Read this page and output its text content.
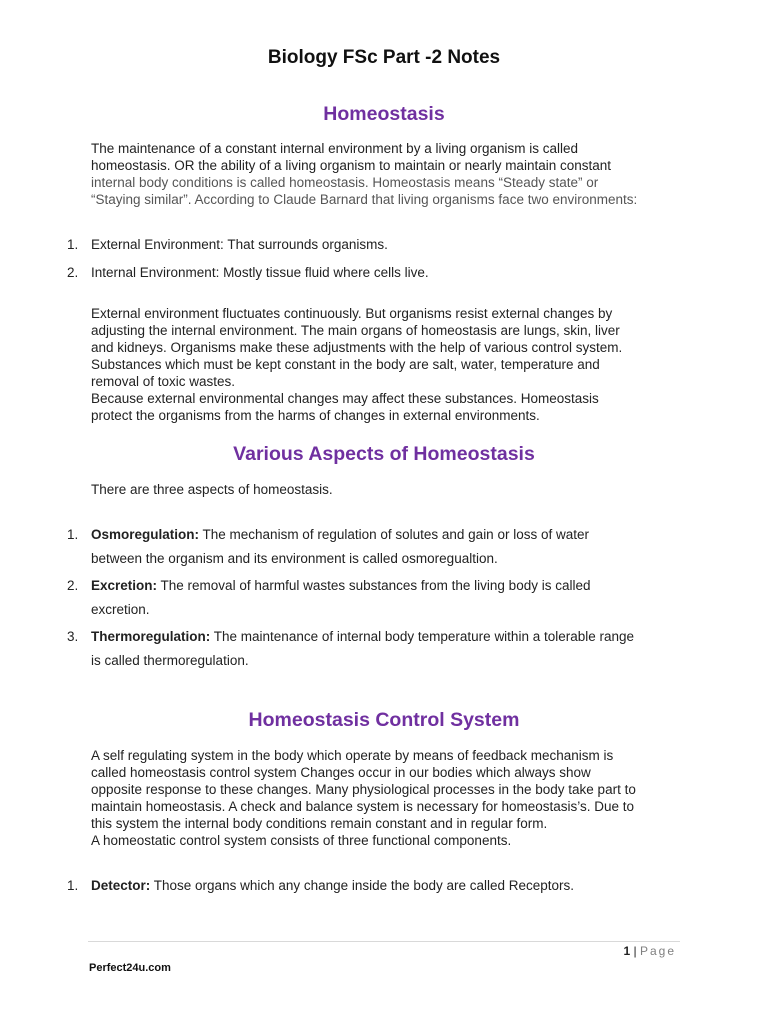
Biology FSc Part -2 Notes
Homeostasis
The maintenance of a constant internal environment by a living organism is called
homeostasis. OR the ability of a living organism to maintain or nearly maintain constant
internal body conditions is called homeostasis. Homeostasis means “Steady state” or
“Staying similar”. According to Claude Barnard that living organisms face two environments:
1. External Environment: That surrounds organisms.
2. Internal Environment: Mostly tissue fluid where cells live.
External environment fluctuates continuously. But organisms resist external changes by
adjusting the internal environment. The main organs of homeostasis are lungs, skin, liver
and kidneys. Organisms make these adjustments with the help of various control system.
Substances which must be kept constant in the body are salt, water, temperature and
removal of toxic wastes.
Because external environmental changes may affect these substances. Homeostasis
protect the organisms from the harms of changes in external environments.
Various Aspects of Homeostasis
There are three aspects of homeostasis.
1. Osmoregulation: The mechanism of regulation of solutes and gain or loss of water
between the organism and its environment is called osmoregualtion.
2. Excretion: The removal of harmful wastes substances from the living body is called
excretion.
3. Thermoregulation: The maintenance of internal body temperature within a tolerable range
is called thermoregulation.
Homeostasis Control System
A self regulating system in the body which operate by means of feedback mechanism is
called homeostasis control system Changes occur in our bodies which always show
opposite response to these changes. Many physiological processes in the body take part to
maintain homeostasis. A check and balance system is necessary for homeostasis’s. Due to
this system the internal body conditions remain constant and in regular form.
A homeostatic control system consists of three functional components.
1. Detector: Those organs which any change inside the body are called Receptors.
1 | Page
Perfect24u.com
